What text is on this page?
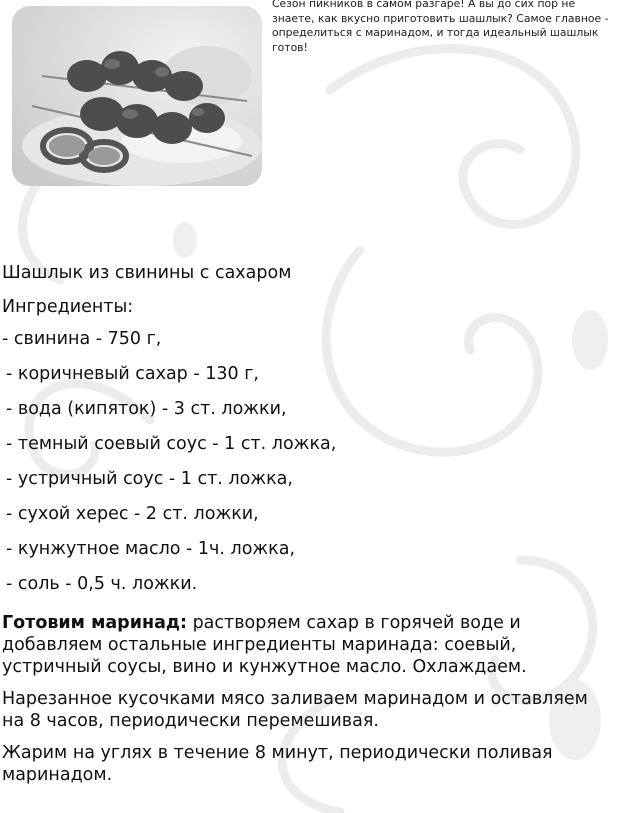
Сезон пикников в самом разгаре! А вы до сих пор не знаете, как вкусно приготовить шашлык? Самое главное - определиться с маринадом, и тогда идеальный шашлык готов!

Шашлык из свинины с сахаром

Ингредиенты:

- свинина - 750 г,
- коричневый сахар - 130 г,
- вода (кипяток) - 3 ст. ложки,
- темный соевый соус - 1 ст. ложка,
- устричный соус - 1 ст. ложка,
- сухой херес - 2 ст. ложки,
- кунжутное масло - 1ч. ложка,
- соль - 0,5 ч. ложки.

Готовим маринад: растворяем сахар в горячей воде и добавляем остальные ингредиенты маринада: соевый, устричный соусы, вино и кунжутное масло. Охлаждаем.

Нарезанное кусочками мясо заливаем маринадом и оставляем на 8 часов, периодически перемешивая.

Жарим на углях в течение 8 минут, периодически поливая маринадом.
